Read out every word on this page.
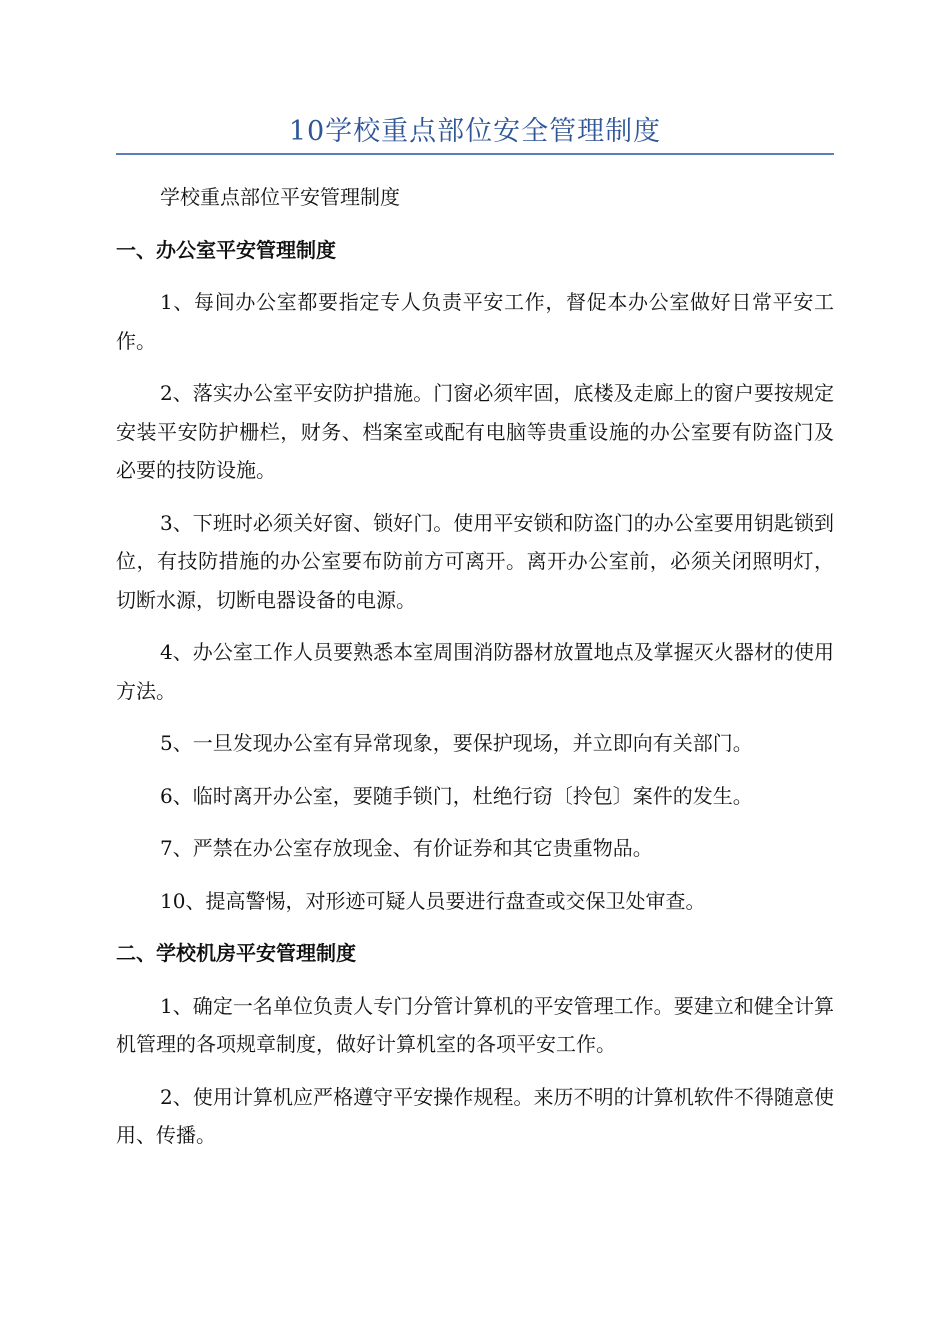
10学校重点部位安全管理制度

学校重点部位平安管理制度

一、办公室平安管理制度

1、每间办公室都要指定专人负责平安工作，督促本办公室做好日常平安工作。

2、落实办公室平安防护措施。门窗必须牢固，底楼及走廊上的窗户要按规定安装平安防护栅栏，财务、档案室或配有电脑等贵重设施的办公室要有防盗门及必要的技防设施。

3、下班时必须关好窗、锁好门。使用平安锁和防盗门的办公室要用钥匙锁到位，有技防措施的办公室要布防前方可离开。离开办公室前，必须关闭照明灯，切断水源，切断电器设备的电源。

4、办公室工作人员要熟悉本室周围消防器材放置地点及掌握灭火器材的使用方法。

5、一旦发现办公室有异常现象，要保护现场，并立即向有关部门。

6、临时离开办公室，要随手锁门，杜绝行窃〔拎包〕案件的发生。

7、严禁在办公室存放现金、有价证券和其它贵重物品。

10、提高警惕，对形迹可疑人员要进行盘查或交保卫处审查。

二、学校机房平安管理制度

1、确定一名单位负责人专门分管计算机的平安管理工作。要建立和健全计算机管理的各项规章制度，做好计算机室的各项平安工作。

2、使用计算机应严格遵守平安操作规程。来历不明的计算机软件不得随意使用、传播。
